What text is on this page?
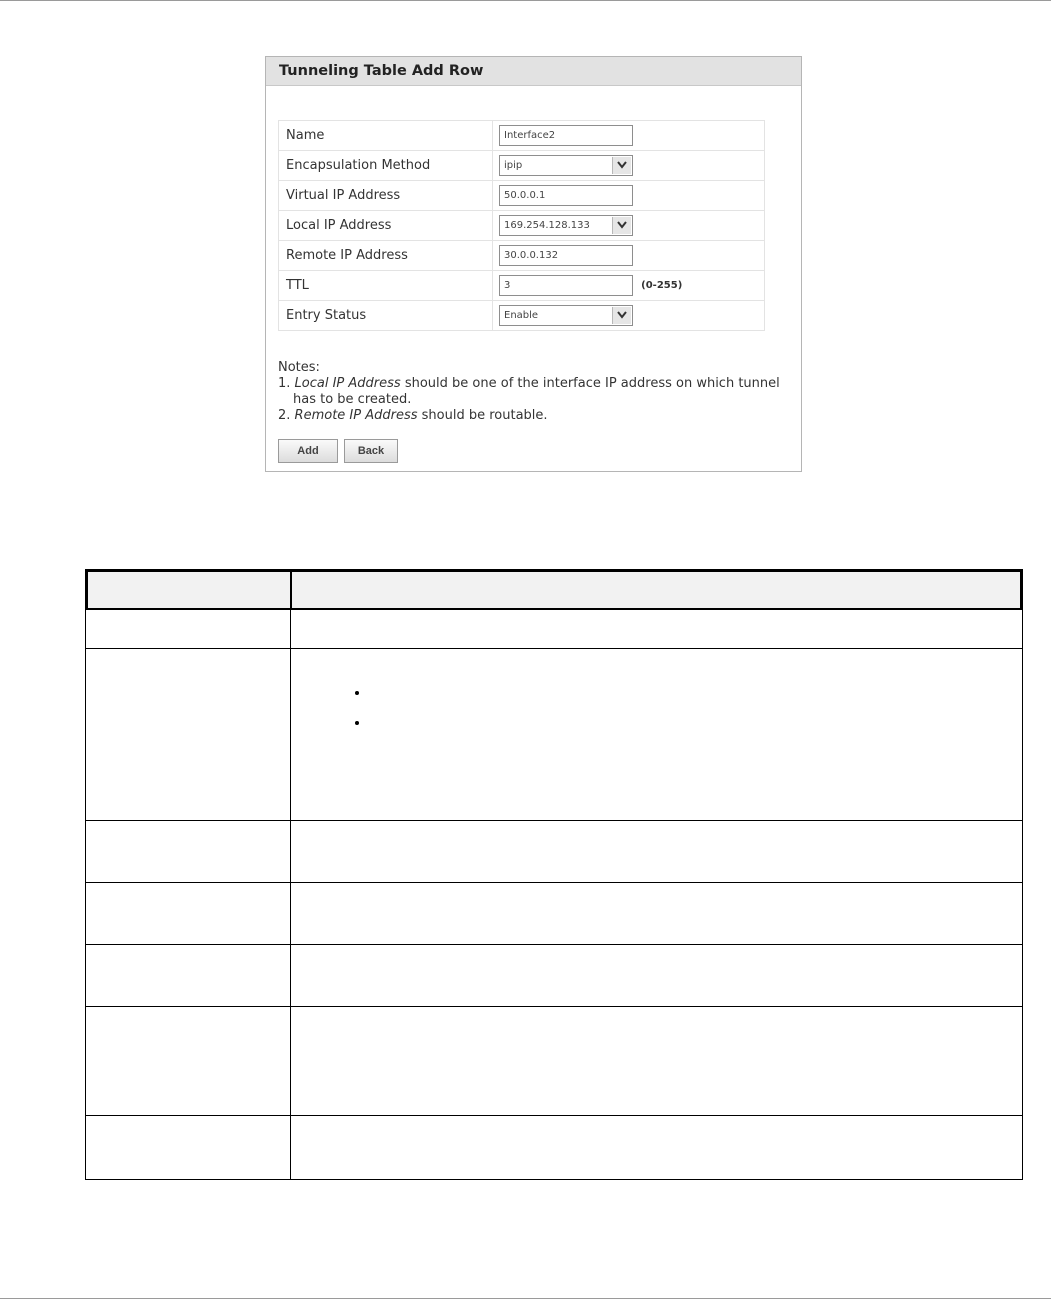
Tunneling Table Add Row
Name	Interface2
Encapsulation Method	ipip

Virtual IP Address	50.0.0.1
Local IP Address	169.254.128.133

Remote IP Address	30.0.0.132
TTL	3 (0-255)
Entry Status	Enable
Notes:
1. Local IP Address should be one of the interface IP address on which tunnel
has to be created.
2. Remote IP Address should be routable.
Add	Back
